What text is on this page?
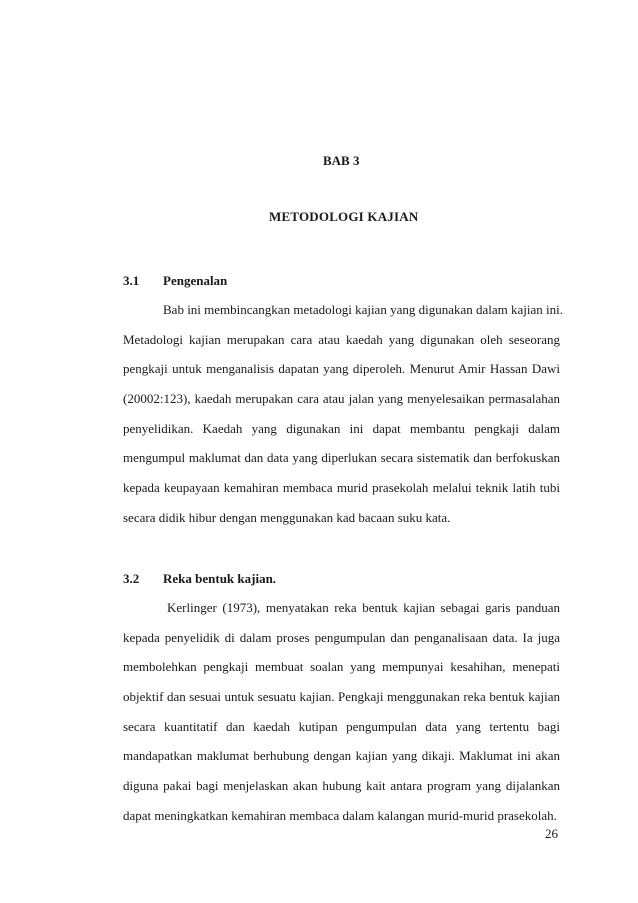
BAB 3
METODOLOGI KAJIAN
3.1 Pengenalan
Bab ini membincangkan metadologi kajian yang digunakan dalam kajian ini.
Metadologi kajian merupakan cara atau kaedah yang digunakan oleh seseorang
pengkaji untuk menganalisis dapatan yang diperoleh. Menurut Amir Hassan Dawi
(20002:123), kaedah merupakan cara atau jalan yang menyelesaikan permasalahan
penyelidikan. Kaedah yang digunakan ini dapat membantu pengkaji dalam
mengumpul maklumat dan data yang diperlukan secara sistematik dan berfokuskan
kepada keupayaan kemahiran membaca murid prasekolah melalui teknik latih tubi
secara didik hibur dengan menggunakan kad bacaan suku kata.
3.2 Reka bentuk kajian.
Kerlinger (1973), menyatakan reka bentuk kajian sebagai garis panduan
kepada penyelidik di dalam proses pengumpulan dan penganalisaan data. Ia juga
membolehkan pengkaji membuat soalan yang mempunyai kesahihan, menepati
objektif dan sesuai untuk sesuatu kajian. Pengkaji menggunakan reka bentuk kajian
secara kuantitatif dan kaedah kutipan pengumpulan data yang tertentu bagi
mandapatkan maklumat berhubung dengan kajian yang dikaji. Maklumat ini akan
diguna pakai bagi menjelaskan akan hubung kait antara program yang dijalankan
dapat meningkatkan kemahiran membaca dalam kalangan murid-murid prasekolah.
26
